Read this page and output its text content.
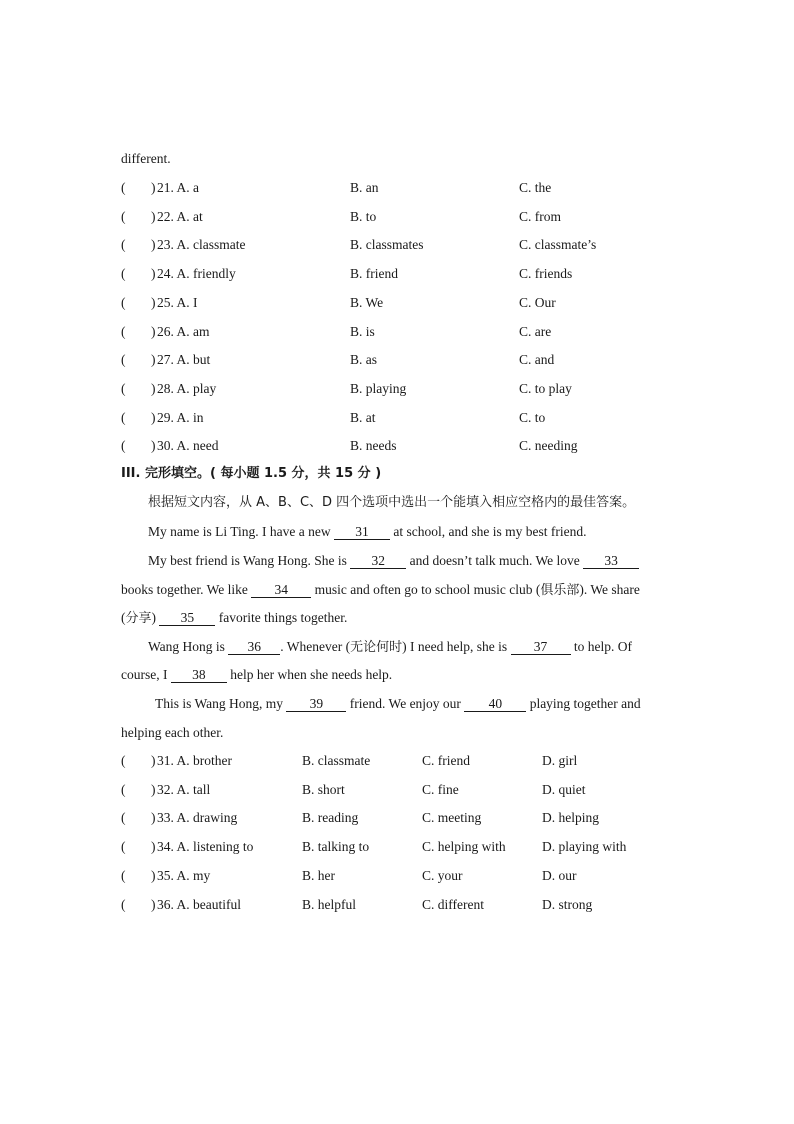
different.
( ) 21. A. a	B. an	C. the
( ) 22. A. at	B. to	C. from
( ) 23. A. classmate	B. classmates	C. classmate’s
( ) 24. A. friendly	B. friend	C. friends
( ) 25. A. I	B. We	C. Our
( ) 26. A. am	B. is	C. are
( ) 27. A. but	B. as	C. and
( ) 28. A. play	B. playing	C. to play
( ) 29. A. in	B. at	C. to
( ) 30. A. need	B. needs	C. needing
III. 完形填空。( 每小题 1.5 分，共 15 分 )
根据短文内容，从 A、B、C、D 四个选项中选出一个能填入相应空格内的最佳答案。
My name is Li Ting. I have a new 31 at school, and she is my best friend.
My best friend is Wang Hong. She is 32 and doesn’t talk much. We love 33
books together. We like 34 music and often go to school music club (俱乐部). We share
(分享) 35 favorite things together.
Wang Hong is 36 . Whenever (无论何时) I need help, she is 37 to help. Of
course, I 38 help her when she needs help.
This is Wang Hong, my 39 friend. We enjoy our 40 playing together and
helping each other.
( ) 31. A. brother	B. classmate	C. friend	D. girl
( ) 32. A. tall	B. short	C. fine	D. quiet
( ) 33. A. drawing	B. reading	C. meeting	D. helping
( ) 34. A. listening to	B. talking to	C. helping with	D. playing with
( ) 35. A. my	B. her	C. your	D. our
( ) 36. A. beautiful	B. helpful	C. different	D. strong
